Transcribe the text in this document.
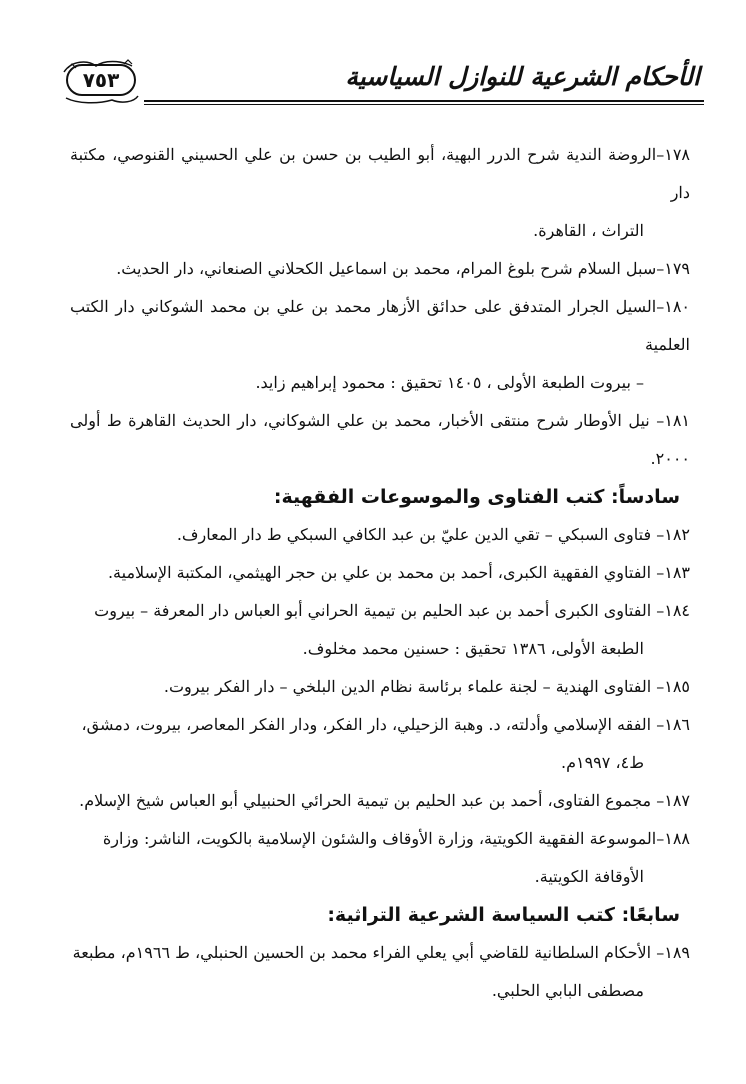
٧٥٣	الأحكام الشرعية للنوازل السياسية

١٧٨–الروضة الندية شرح الدرر البهية، أبو الطيب بن حسن بن علي الحسيني القنوصي، مكتبة دار
التراث ، القاهرة.

١٧٩–سبل السلام شرح بلوغ المرام، محمد بن اسماعيل الكحلاني الصنعاني، دار الحديث.

١٨٠–السيل الجرار المتدفق على حدائق الأزهار محمد بن علي بن محمد الشوكاني دار الكتب العلمية
– بيروت الطبعة الأولى ، ١٤٠٥ تحقيق : محمود إبراهيم زايد.

١٨١– نيل الأوطار شرح منتقى الأخبار، محمد بن علي الشوكاني، دار الحديث القاهرة ط أولى ٢٠٠٠.

سادساً: كتب الفتاوى والموسوعات الفقهية:

١٨٢– فتاوى السبكي – تقي الدين عليّ بن عبد الكافي السبكي ط دار المعارف.

١٨٣– الفتاوي الفقهية الكبرى، أحمد بن محمد بن علي بن حجر الهيثمي، المكتبة الإسلامية.

١٨٤– الفتاوى الكبرى أحمد بن عبد الحليم بن تيمية الحراني أبو العباس دار المعرفة – بيروت
الطبعة الأولى، ١٣٨٦ تحقيق : حسنين محمد مخلوف.

١٨٥– الفتاوى الهندية – لجنة علماء برئاسة نظام الدين البلخي – دار الفكر بيروت.

١٨٦– الفقه الإسلامي وأدلته، د. وهبة الزحيلي، دار الفكر، ودار الفكر المعاصر، بيروت، دمشق،
ط٤، ١٩٩٧م.

١٨٧– مجموع الفتاوى، أحمد بن عبد الحليم بن تيمية الحرائي الحنبيلي أبو العباس شيخ الإسلام.

١٨٨–الموسوعة الفقهية الكويتية، وزارة الأوقاف والشئون الإسلامية بالكويت، الناشر: وزارة
الأوقافة الكويتية.

سابعًا: كتب السياسة الشرعية التراثية:

١٨٩– الأحكام السلطانية للقاضي أبي يعلي الفراء محمد بن الحسين الحنبلي، ط ١٩٦٦م، مطبعة
مصطفى البابي الحلبي.
